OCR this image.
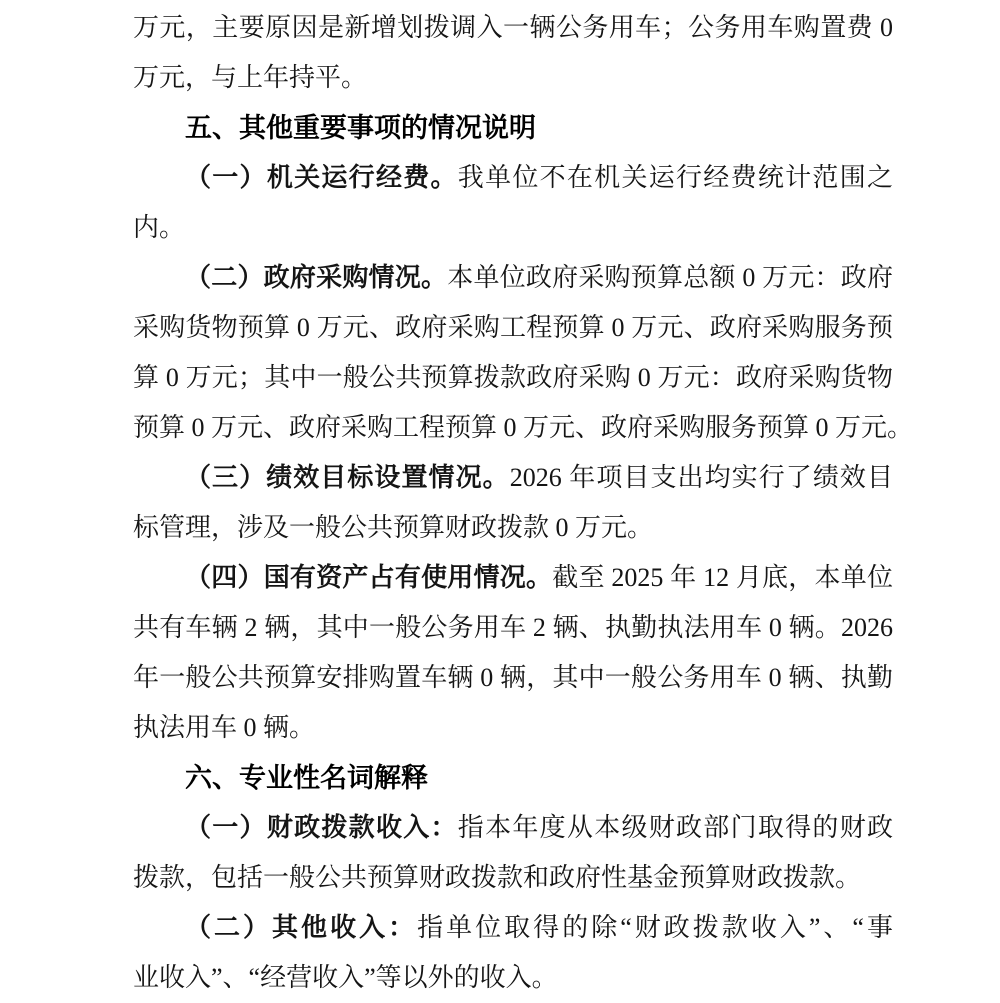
万元，主要原因是新增划拨调入一辆公务用车；公务用车购置费 0
万元，与上年持平。
五、其他重要事项的情况说明
（一）机关运行经费。我单位不在机关运行经费统计范围之
内。
（二）政府采购情况。本单位政府采购预算总额 0 万元：政府
采购货物预算 0 万元、政府采购工程预算 0 万元、政府采购服务预
算 0 万元；其中一般公共预算拨款政府采购 0 万元：政府采购货物
预算 0 万元、政府采购工程预算 0 万元、政府采购服务预算 0 万元。
（三）绩效目标设置情况。2026 年项目支出均实行了绩效目
标管理，涉及一般公共预算财政拨款 0 万元。
（四）国有资产占有使用情况。截至 2025 年 12 月底，本单位
共有车辆 2 辆，其中一般公务用车 2 辆、执勤执法用车 0 辆。2026
年一般公共预算安排购置车辆 0 辆，其中一般公务用车 0 辆、执勤
执法用车 0 辆。
六、专业性名词解释
（一）财政拨款收入：指本年度从本级财政部门取得的财政
拨款，包括一般公共预算财政拨款和政府性基金预算财政拨款。
（二）其他收入：指单位取得的除“财政拨款收入”、“事
业收入”、“经营收入”等以外的收入。
